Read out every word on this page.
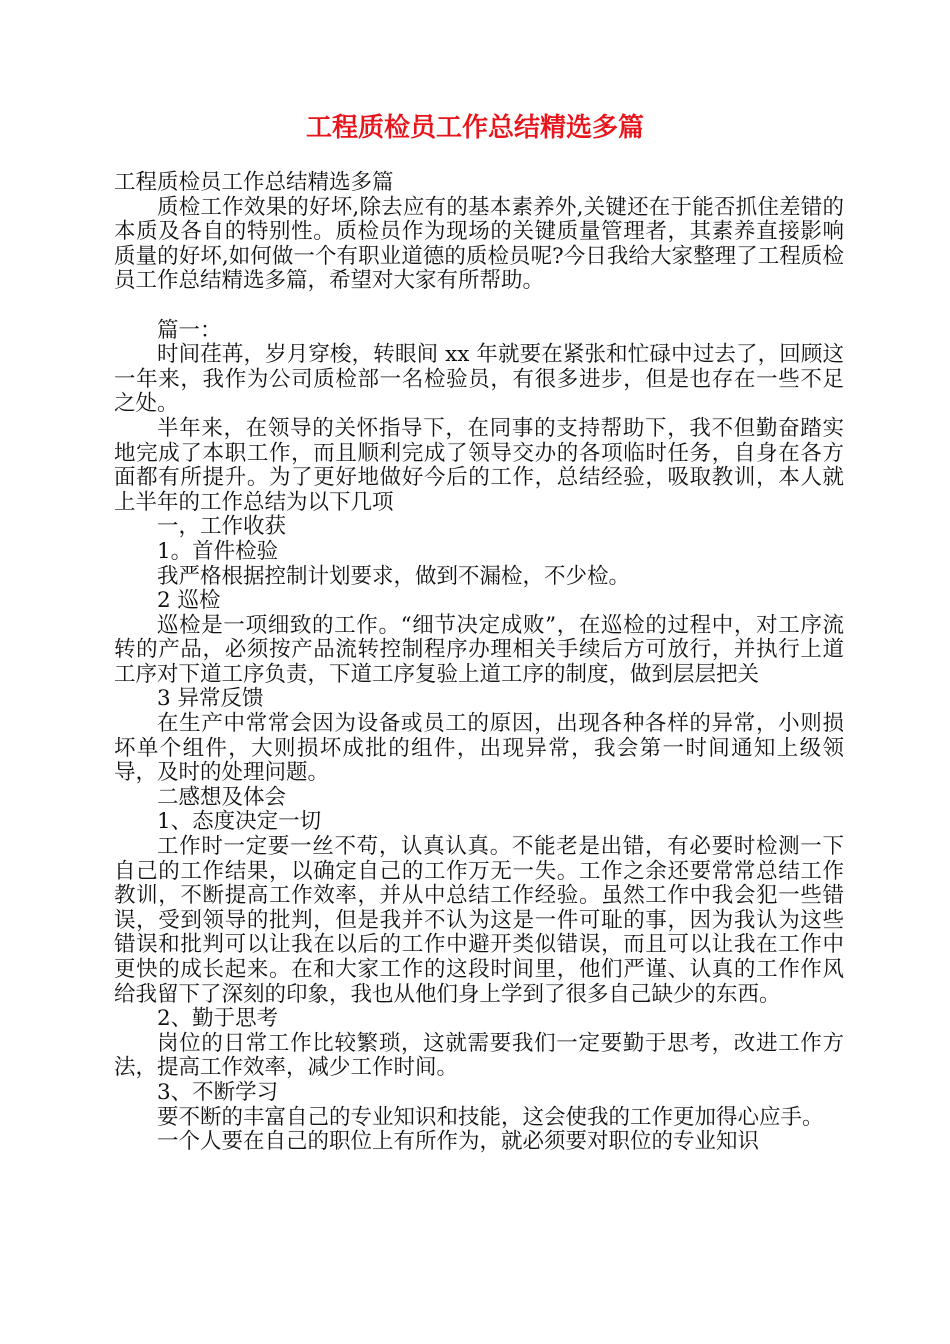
工程质检员工作总结精选多篇

工程质检员工作总结精选多篇

质检工作效果的好坏,除去应有的基本素养外,关键还在于能否抓住差错的本质及各自的特别性。质检员作为现场的关键质量管理者，其素养直接影响质量的好坏,如何做一个有职业道德的质检员呢?今日我给大家整理了工程质检员工作总结精选多篇，希望对大家有所帮助。

篇一：

时间荏苒，岁月穿梭，转眼间 xx 年就要在紧张和忙碌中过去了，回顾这一年来，我作为公司质检部一名检验员，有很多进步，但是也存在一些不足之处。

半年来，在领导的关怀指导下，在同事的支持帮助下，我不但勤奋踏实地完成了本职工作，而且顺利完成了领导交办的各项临时任务，自身在各方面都有所提升。为了更好地做好今后的工作，总结经验，吸取教训，本人就上半年的工作总结为以下几项

一，工作收获

1。首件检验

我严格根据控制计划要求，做到不漏检，不少检。

2 巡检

巡检是一项细致的工作。“细节决定成败”，在巡检的过程中，对工序流转的产品，必须按产品流转控制程序办理相关手续后方可放行，并执行上道工序对下道工序负责，下道工序复验上道工序的制度，做到层层把关

3 异常反馈

在生产中常常会因为设备或员工的原因，出现各种各样的异常，小则损坏单个组件，大则损坏成批的组件，出现异常，我会第一时间通知上级领导，及时的处理问题。

二感想及体会

1、态度决定一切

工作时一定要一丝不苟，认真认真。不能老是出错，有必要时检测一下自己的工作结果，以确定自己的工作万无一失。工作之余还要常常总结工作教训，不断提高工作效率，并从中总结工作经验。虽然工作中我会犯一些错误，受到领导的批判，但是我并不认为这是一件可耻的事，因为我认为这些错误和批判可以让我在以后的工作中避开类似错误，而且可以让我在工作中更快的成长起来。在和大家工作的这段时间里，他们严谨、认真的工作作风给我留下了深刻的印象，我也从他们身上学到了很多自己缺少的东西。

2、勤于思考

岗位的日常工作比较繁琐，这就需要我们一定要勤于思考，改进工作方法，提高工作效率，减少工作时间。

3、不断学习

要不断的丰富自己的专业知识和技能，这会使我的工作更加得心应手。

一个人要在自己的职位上有所作为，就必须要对职位的专业知识
